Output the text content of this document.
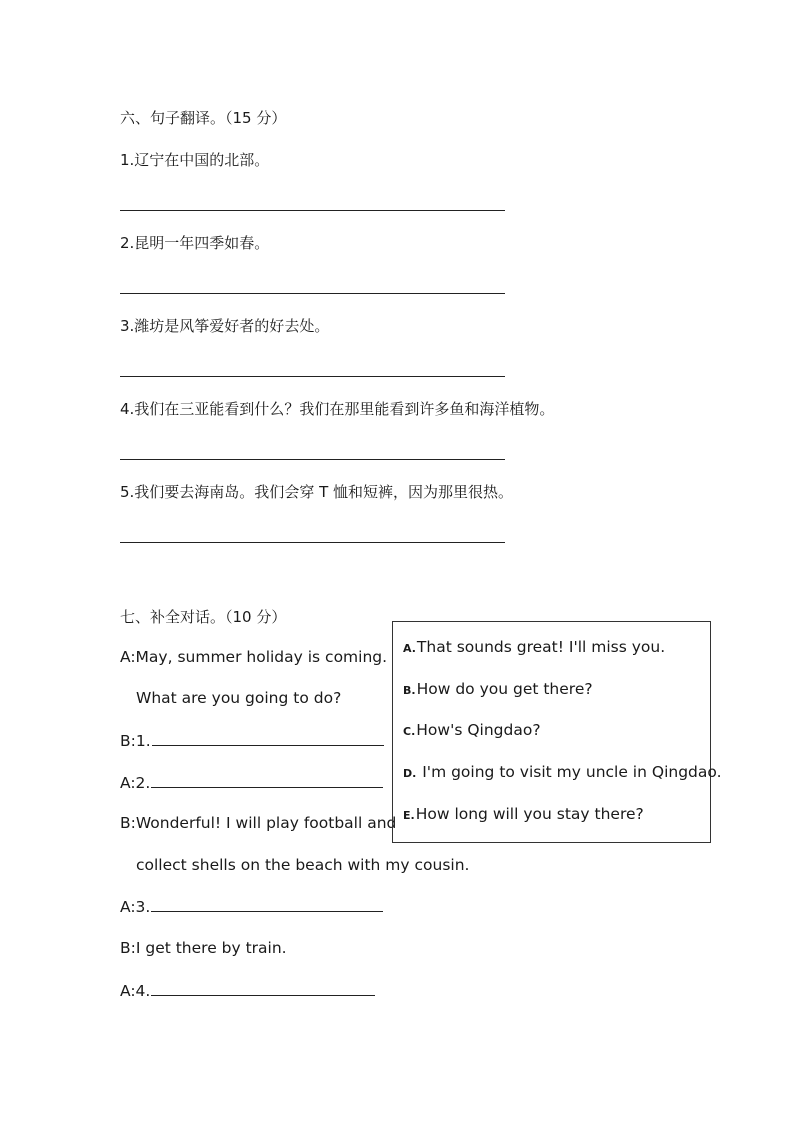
六、句子翻译。（15 分）
1.辽宁在中国的北部。
2.昆明一年四季如春。
3.潍坊是风筝爱好者的好去处。
4.我们在三亚能看到什么？我们在那里能看到许多鱼和海洋植物。
5.我们要去海南岛。我们会穿 T 恤和短裤，因为那里很热。
七、补全对话。（10 分）
A:May, summer holiday is coming.
What are you going to do?
B:1.
A:2.
B:Wonderful! I will play football and
collect shells on the beach with my cousin.
A:3.
B:I get there by train.
A:4.
A.That sounds great! I'll miss you.
B.How do you get there?
C.How's Qingdao?
D. I'm going to visit my uncle in Qingdao.
E.How long will you stay there?
